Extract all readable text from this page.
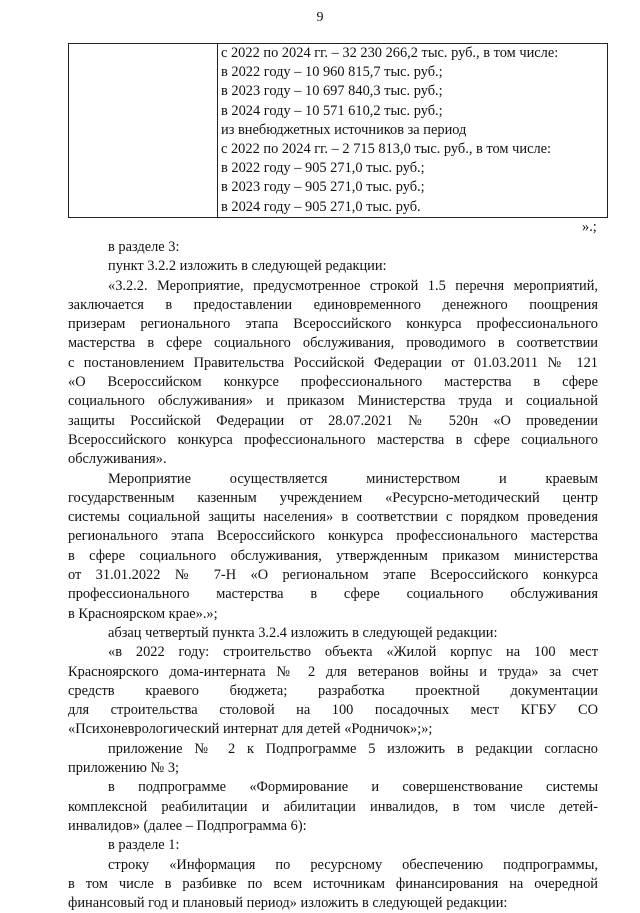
9

с 2022 по 2024 гг. – 32 230 266,2 тыс. руб., в том числе:
в 2022 году – 10 960 815,7 тыс. руб.;
в 2023 году – 10 697 840,3 тыс. руб.;
в 2024 году – 10 571 610,2 тыс. руб.;
из внебюджетных источников за период
с 2022 по 2024 гг. – 2 715 813,0 тыс. руб., в том числе:
в 2022 году – 905 271,0 тыс. руб.;
в 2023 году – 905 271,0 тыс. руб.;
в 2024 году – 905 271,0 тыс. руб.
».;
в разделе 3:
пункт 3.2.2 изложить в следующей редакции:
«3.2.2. Мероприятие, предусмотренное строкой 1.5 перечня мероприятий,
заключается в предоставлении единовременного денежного поощрения
призерам регионального этапа Всероссийского конкурса профессионального
мастерства в сфере социального обслуживания, проводимого в соответствии
с постановлением Правительства Российской Федерации от 01.03.2011 № 121
«О Всероссийском конкурсе профессионального мастерства в сфере
социального обслуживания» и приказом Министерства труда и социальной
защиты Российской Федерации от 28.07.2021 № 520н «О проведении
Всероссийского конкурса профессионального мастерства в сфере социального
обслуживания».
Мероприятие осуществляется министерством и краевым
государственным казенным учреждением «Ресурсно-методический центр
системы социальной защиты населения» в соответствии с порядком проведения
регионального этапа Всероссийского конкурса профессионального мастерства
в сфере социального обслуживания, утвержденным приказом министерства
от 31.01.2022 № 7-Н «О региональном этапе Всероссийского конкурса
профессионального мастерства в сфере социального обслуживания
в Красноярском крае».»;
абзац четвертый пункта 3.2.4 изложить в следующей редакции:
«в 2022 году: строительство объекта «Жилой корпус на 100 мест
Красноярского дома-интерната № 2 для ветеранов войны и труда» за счет
средств краевого бюджета; разработка проектной документации
для строительства столовой на 100 посадочных мест КГБУ СО
«Психоневрологический интернат для детей «Родничок»;»;
приложение № 2 к Подпрограмме 5 изложить в редакции согласно
приложению № 3;
в подпрограмме «Формирование и совершенствование системы
комплексной реабилитации и абилитации инвалидов, в том числе детей-
инвалидов» (далее – Подпрограмма 6):
в разделе 1:
строку «Информация по ресурсному обеспечению подпрограммы,
в том числе в разбивке по всем источникам финансирования на очередной
финансовый год и плановый период» изложить в следующей редакции:
